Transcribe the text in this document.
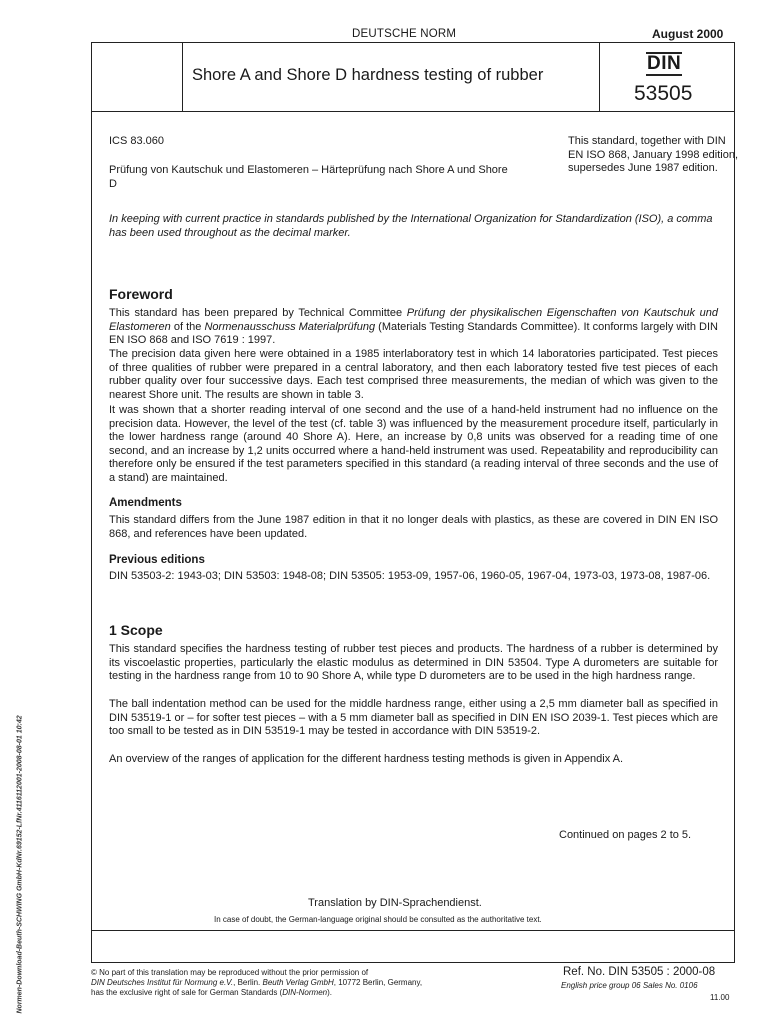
DEUTSCHE NORM	August 2000
Shore A and Shore D hardness testing of rubber
DIN
53505
ICS 83.060
Prüfung von Kautschuk und Elastomeren – Härteprüfung nach Shore A und Shore D
This standard, together with DIN EN ISO 868, January 1998 edition, supersedes June 1987 edition.
In keeping with current practice in standards published by the International Organization for Standardization (ISO), a comma has been used throughout as the decimal marker.
Foreword
This standard has been prepared by Technical Committee Prüfung der physikalischen Eigenschaften von Kautschuk und Elastomeren of the Normenausschuss Materialprüfung (Materials Testing Standards Committee). It conforms largely with DIN EN ISO 868 and ISO 7619 : 1997.
The precision data given here were obtained in a 1985 interlaboratory test in which 14 laboratories participated. Test pieces of three qualities of rubber were prepared in a central laboratory, and then each laboratory tested five test pieces of each rubber quality over four successive days. Each test comprised three measurements, the median of which was given to the nearest Shore unit. The results are shown in table 3.
It was shown that a shorter reading interval of one second and the use of a hand-held instrument had no influence on the precision data. However, the level of the test (cf. table 3) was influenced by the measurement procedure itself, particularly in the lower hardness range (around 40 Shore A). Here, an increase by 0,8 units was observed for a reading time of one second, and an increase by 1,2 units occurred where a hand-held instrument was used. Repeatability and reproducibility can therefore only be ensured if the test parameters specified in this standard (a reading interval of three seconds and the use of a stand) are maintained.
Amendments
This standard differs from the June 1987 edition in that it no longer deals with plastics, as these are covered in DIN EN ISO 868, and references have been updated.
Previous editions
DIN 53503-2: 1943-03; DIN 53503: 1948-08; DIN 53505: 1953-09, 1957-06, 1960-05, 1967-04, 1973-03, 1973-08, 1987-06.
1 Scope
This standard specifies the hardness testing of rubber test pieces and products. The hardness of a rubber is determined by its viscoelastic properties, particularly the elastic modulus as determined in DIN 53504. Type A durometers are suitable for testing in the hardness range from 10 to 90 Shore A, while type D durometers are to be used in the high hardness range.
The ball indentation method can be used for the middle hardness range, either using a 2,5 mm diameter ball as specified in DIN 53519-1 or – for softer test pieces – with a 5 mm diameter ball as specified in DIN EN ISO 2039-1. Test pieces which are too small to be tested as in DIN 53519-1 may be tested in accordance with DIN 53519-2.
An overview of the ranges of application for the different hardness testing methods is given in Appendix A.
Continued on pages 2 to 5.
Translation by DIN-Sprachendienst.
In case of doubt, the German-language original should be consulted as the authoritative text.
Normen-Download-Beuth-SCHWING GmbH-KdNr.69152-LfNr.4116112001-2008-08-01 10:42	© No part of this translation may be reproduced without the prior permission of
DIN Deutsches Institut für Normung e.V., Berlin. Beuth Verlag GmbH, 10772 Berlin, Germany,
has the exclusive right of sale for German Standards (DIN-Normen).
Ref. No. DIN 53505 : 2000-08
English price group 06 Sales No. 0106
11.00
